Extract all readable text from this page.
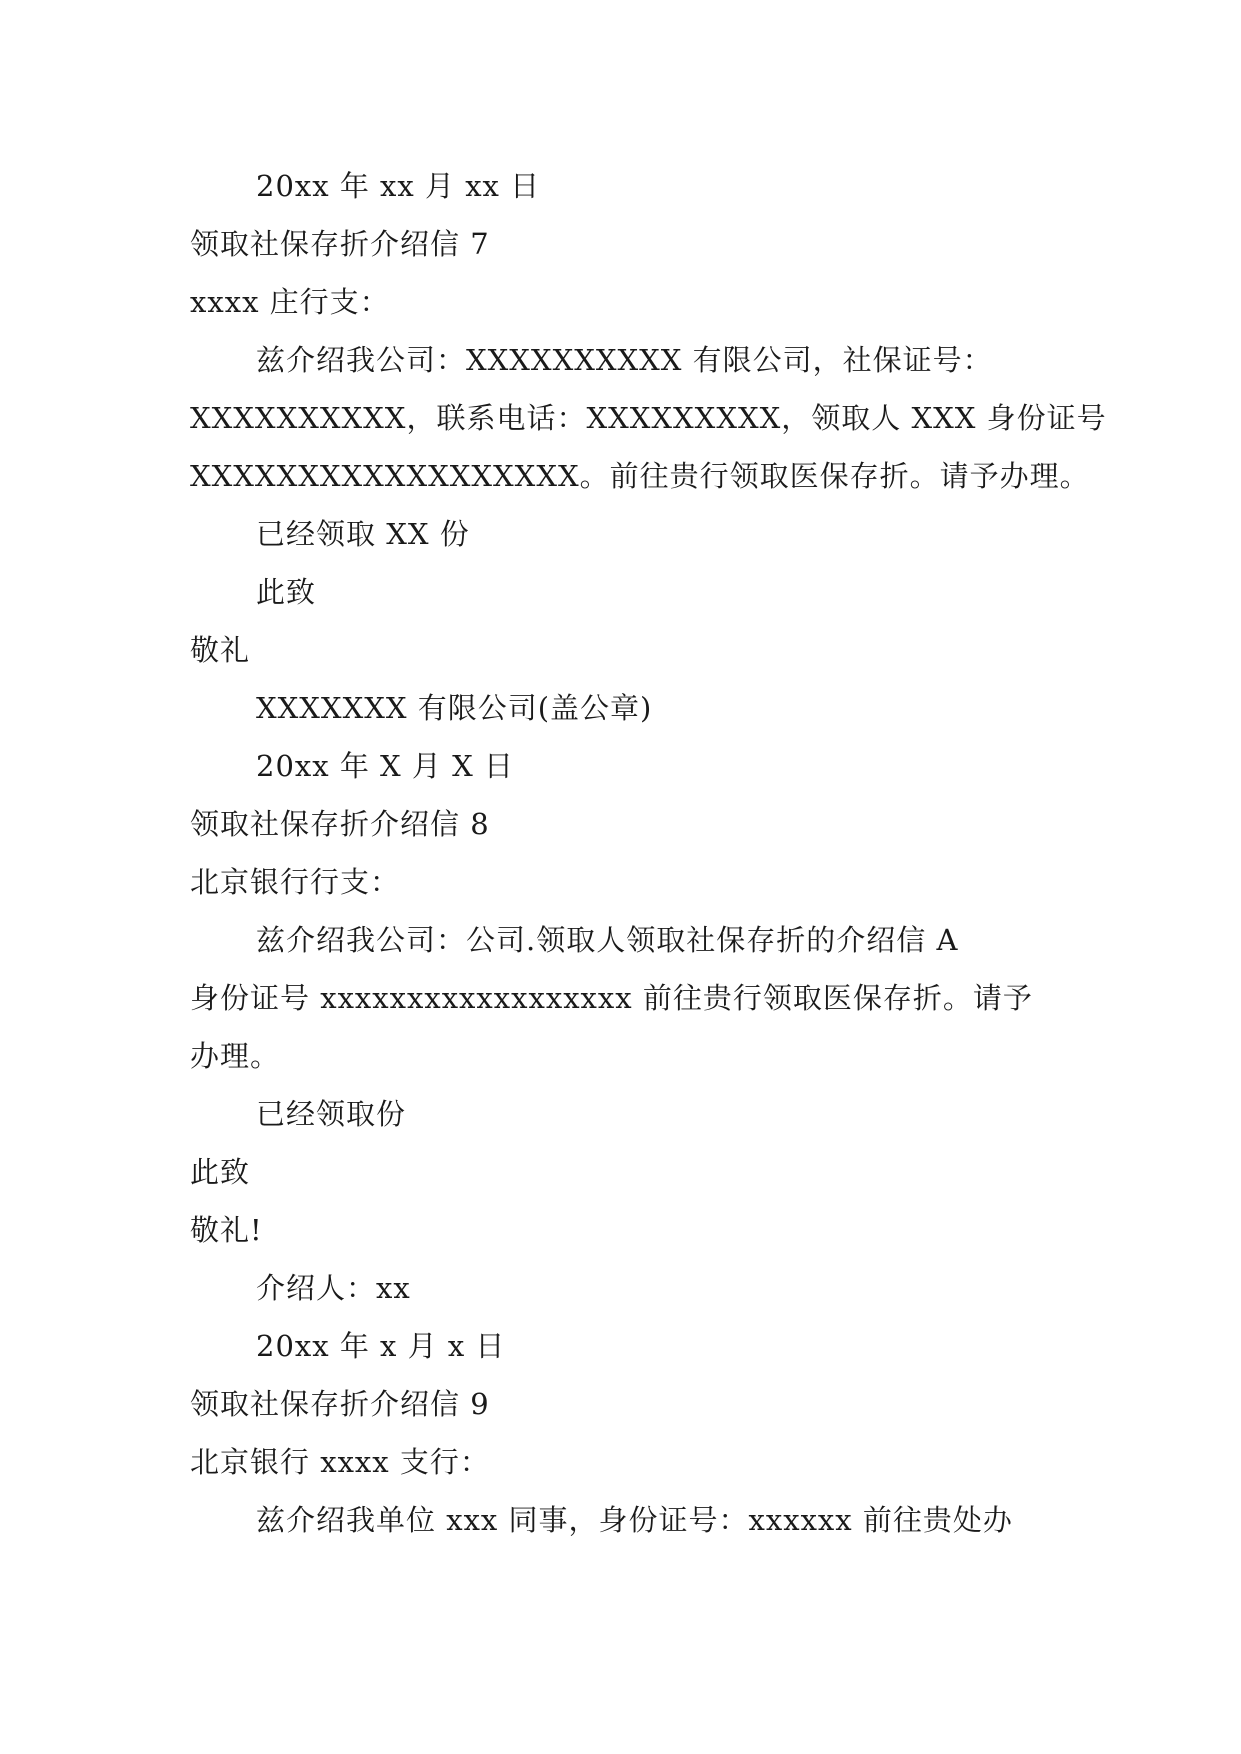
20xx 年 xx 月 xx 日
领取社保存折介绍信 7
xxxx 庄行支：
兹介绍我公司：XXXXXXXXXX 有限公司，社保证号：
XXXXXXXXXX，联系电话：XXXXXXXXX，领取人 XXX 身份证号
XXXXXXXXXXXXXXXXXX。前往贵行领取医保存折。请予办理。
已经领取 XX 份
此致
敬礼
XXXXXXX 有限公司(盖公章)
20xx 年 X 月 X 日
领取社保存折介绍信 8
北京银行行支：
兹介绍我公司：公司.领取人领取社保存折的介绍信 A
身份证号 xxxxxxxxxxxxxxxxxx 前往贵行领取医保存折。请予
办理。
已经领取份
此致
敬礼!
介绍人：xx
20xx 年 x 月 x 日
领取社保存折介绍信 9
北京银行 xxxx 支行：
兹介绍我单位 xxx 同事，身份证号：xxxxxx 前往贵处办
